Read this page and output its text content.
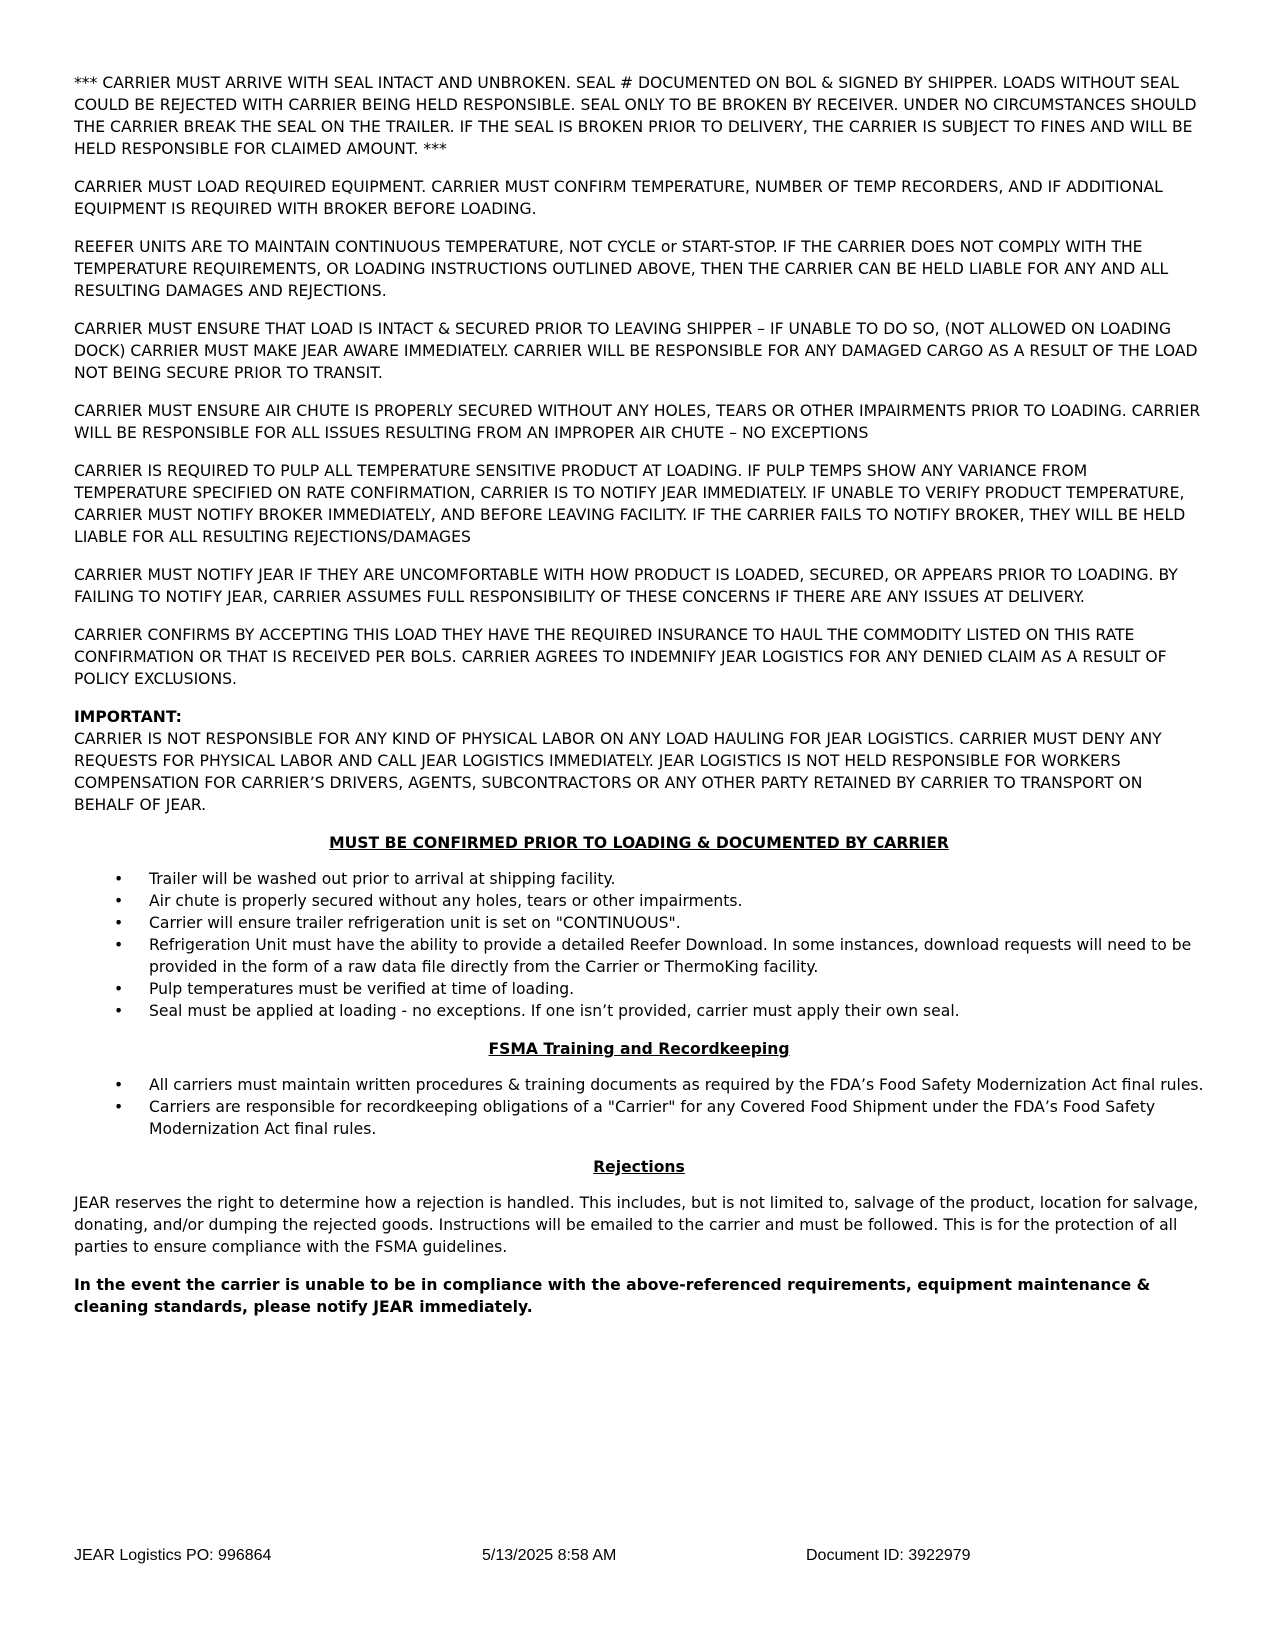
*** CARRIER MUST ARRIVE WITH SEAL INTACT AND UNBROKEN. SEAL # DOCUMENTED ON BOL & SIGNED BY SHIPPER. LOADS WITHOUT SEAL COULD BE REJECTED WITH CARRIER BEING HELD RESPONSIBLE. SEAL ONLY TO BE BROKEN BY RECEIVER. UNDER NO CIRCUMSTANCES SHOULD THE CARRIER BREAK THE SEAL ON THE TRAILER. IF THE SEAL IS BROKEN PRIOR TO DELIVERY, THE CARRIER IS SUBJECT TO FINES AND WILL BE HELD RESPONSIBLE FOR CLAIMED AMOUNT. ***

CARRIER MUST LOAD REQUIRED EQUIPMENT. CARRIER MUST CONFIRM TEMPERATURE, NUMBER OF TEMP RECORDERS, AND IF ADDITIONAL EQUIPMENT IS REQUIRED WITH BROKER BEFORE LOADING.

REEFER UNITS ARE TO MAINTAIN CONTINUOUS TEMPERATURE, NOT CYCLE or START-STOP. IF THE CARRIER DOES NOT COMPLY WITH THE TEMPERATURE REQUIREMENTS, OR LOADING INSTRUCTIONS OUTLINED ABOVE, THEN THE CARRIER CAN BE HELD LIABLE FOR ANY AND ALL RESULTING DAMAGES AND REJECTIONS.

CARRIER MUST ENSURE THAT LOAD IS INTACT & SECURED PRIOR TO LEAVING SHIPPER – IF UNABLE TO DO SO, (NOT ALLOWED ON LOADING DOCK) CARRIER MUST MAKE JEAR AWARE IMMEDIATELY. CARRIER WILL BE RESPONSIBLE FOR ANY DAMAGED CARGO AS A RESULT OF THE LOAD NOT BEING SECURE PRIOR TO TRANSIT.

CARRIER MUST ENSURE AIR CHUTE IS PROPERLY SECURED WITHOUT ANY HOLES, TEARS OR OTHER IMPAIRMENTS PRIOR TO LOADING. CARRIER WILL BE RESPONSIBLE FOR ALL ISSUES RESULTING FROM AN IMPROPER AIR CHUTE – NO EXCEPTIONS

CARRIER IS REQUIRED TO PULP ALL TEMPERATURE SENSITIVE PRODUCT AT LOADING. IF PULP TEMPS SHOW ANY VARIANCE FROM TEMPERATURE SPECIFIED ON RATE CONFIRMATION, CARRIER IS TO NOTIFY JEAR IMMEDIATELY. IF UNABLE TO VERIFY PRODUCT TEMPERATURE, CARRIER MUST NOTIFY BROKER IMMEDIATELY, AND BEFORE LEAVING FACILITY. IF THE CARRIER FAILS TO NOTIFY BROKER, THEY WILL BE HELD LIABLE FOR ALL RESULTING REJECTIONS/DAMAGES

CARRIER MUST NOTIFY JEAR IF THEY ARE UNCOMFORTABLE WITH HOW PRODUCT IS LOADED, SECURED, OR APPEARS PRIOR TO LOADING. BY FAILING TO NOTIFY JEAR, CARRIER ASSUMES FULL RESPONSIBILITY OF THESE CONCERNS IF THERE ARE ANY ISSUES AT DELIVERY.

CARRIER CONFIRMS BY ACCEPTING THIS LOAD THEY HAVE THE REQUIRED INSURANCE TO HAUL THE COMMODITY LISTED ON THIS RATE CONFIRMATION OR THAT IS RECEIVED PER BOLS. CARRIER AGREES TO INDEMNIFY JEAR LOGISTICS FOR ANY DENIED CLAIM AS A RESULT OF POLICY EXCLUSIONS.

IMPORTANT:

CARRIER IS NOT RESPONSIBLE FOR ANY KIND OF PHYSICAL LABOR ON ANY LOAD HAULING FOR JEAR LOGISTICS. CARRIER MUST DENY ANY REQUESTS FOR PHYSICAL LABOR AND CALL JEAR LOGISTICS IMMEDIATELY. JEAR LOGISTICS IS NOT HELD RESPONSIBLE FOR WORKERS COMPENSATION FOR CARRIER’S DRIVERS, AGENTS, SUBCONTRACTORS OR ANY OTHER PARTY RETAINED BY CARRIER TO TRANSPORT ON BEHALF OF JEAR.

MUST BE CONFIRMED PRIOR TO LOADING & DOCUMENTED BY CARRIER
• Trailer will be washed out prior to arrival at shipping facility.
• Air chute is properly secured without any holes, tears or other impairments.
• Carrier will ensure trailer refrigeration unit is set on "CONTINUOUS".
• Refrigeration Unit must have the ability to provide a detailed Reefer Download. In some instances, download requests will need to be provided in the form of a raw data file directly from the Carrier or ThermoKing facility.
• Pulp temperatures must be verified at time of loading.
• Seal must be applied at loading - no exceptions. If one isn’t provided, carrier must apply their own seal.
FSMA Training and Recordkeeping
• All carriers must maintain written procedures & training documents as required by the FDA’s Food Safety Modernization Act final rules.
• Carriers are responsible for recordkeeping obligations of a "Carrier" for any Covered Food Shipment under the FDA’s Food Safety Modernization Act final rules.
Rejections

JEAR reserves the right to determine how a rejection is handled. This includes, but is not limited to, salvage of the product, location for salvage, donating, and/or dumping the rejected goods. Instructions will be emailed to the carrier and must be followed. This is for the protection of all parties to ensure compliance with the FSMA guidelines.

In the event the carrier is unable to be in compliance with the above-referenced requirements, equipment maintenance & cleaning standards, please notify JEAR immediately.

JEAR Logistics PO: 996864	5/13/2025 8:58 AM	Document ID: 3922979
